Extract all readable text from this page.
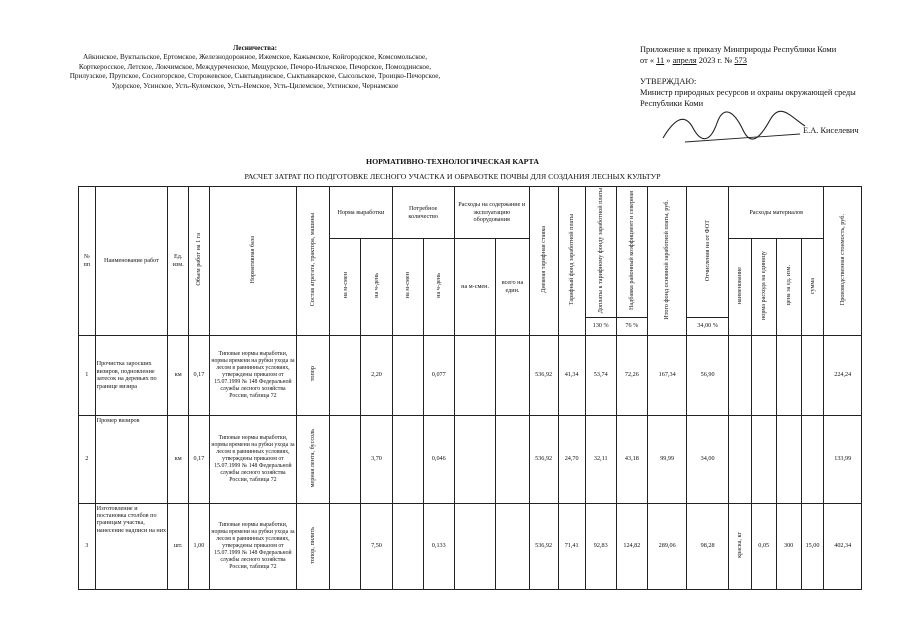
Лесничества:
Айкинское, Вуктыльское, Ертомское, Железнодорожное, Ижемское, Кажымское, Койгородское, Комсомольское, Корткеросское, Летское, Локчимское, Междуреченское, Мещурское, Печоро-Илычское, Печорское, Помоздинское, Прилузское, Прупское, Сосногорское, Сторожевское, Сыктывдинское, Сыктывкарское, Сысольское, Троицко-Печорское, Удорское, Усинское, Усть-Куломское, Усть-Немское, Усть-Цилемское, Ухтинское, Чернамское
Приложение к приказу Минприроды Республики Коми
от « 11 » апреля 2023 г. № 573
УТВЕРЖДАЮ:
Министр природных ресурсов и охраны окружающей среды Республики Коми
Е.А. Киселевич
НОРМАТИВНО-ТЕХНОЛОГИЧЕСКАЯ КАРТА
РАСЧЕТ ЗАТРАТ ПО ПОДГОТОВКЕ ЛЕСНОГО УЧАСТКА И ОБРАБОТКЕ ПОЧВЫ ДЛЯ СОЗДАНИЯ ЛЕСНЫХ КУЛЬТУР
№ пп	Наименование работ	Ед. изм.	Объем работ на 1 га	Нормативная база	Состав агрегата, трактора, машины	Норма выработки		Потребное количество		Расходы на содержание и эксплуатацию оборудования		Дневная тарифная ставка	Тарифный фонд заработной платы	Доплаты к тарифному фонду заработной платы	Надбавка районный коэффициент и северная	Итого фонд основной заработной платы, руб.	Отчисления на от ФОТ	Расходы материалов				Производственная стоимость, руб.
						на м-смен	на ч-день	на м-смен	на ч-день	на м-смен.	всего на един.							наименование	норма расхода на единицу	цена за ед. изм.	сумма	
														130 %	76 %		34,00 %					
1	Прочистка заросших визиров, подновление затесок на деревьях по границе визира	км	0,17	Типовые нормы выработки, нормы времени на рубки ухода за лесом в равнинных условиях, утверждены приказом от 15.07.1999 № 148 Федеральной службы лесного хозяйства России, таблица 72	топор		2,20		0,077			536,92	41,34	53,74	72,26	167,34	56,90					224,24
2	Промер визиров	км	0,17	Типовые нормы выработки, нормы времени на рубки ухода за лесом в равнинных условиях, утверждены приказом от 15.07.1999 № 148 Федеральной службы лесного хозяйства России, таблица 72	мерная лента, буссоль		3,70		0,046			536,92	24,70	32,11	43,18	99,99	34,00					133,99
3	Изготовление и постановка столбов по границам участка, нанесение надписи на них	шт.	1,00	Типовые нормы выработки, нормы времени на рубки ухода за лесом в равнинных условиях, утверждены приказом от 15.07.1999 № 148 Федеральной службы лесного хозяйства России, таблица 72	топор, пилить		7,50		0,133			536,92	71,41	92,83	124,82	289,06	98,28	краска, кг	0,05	300	15,00	402,34
